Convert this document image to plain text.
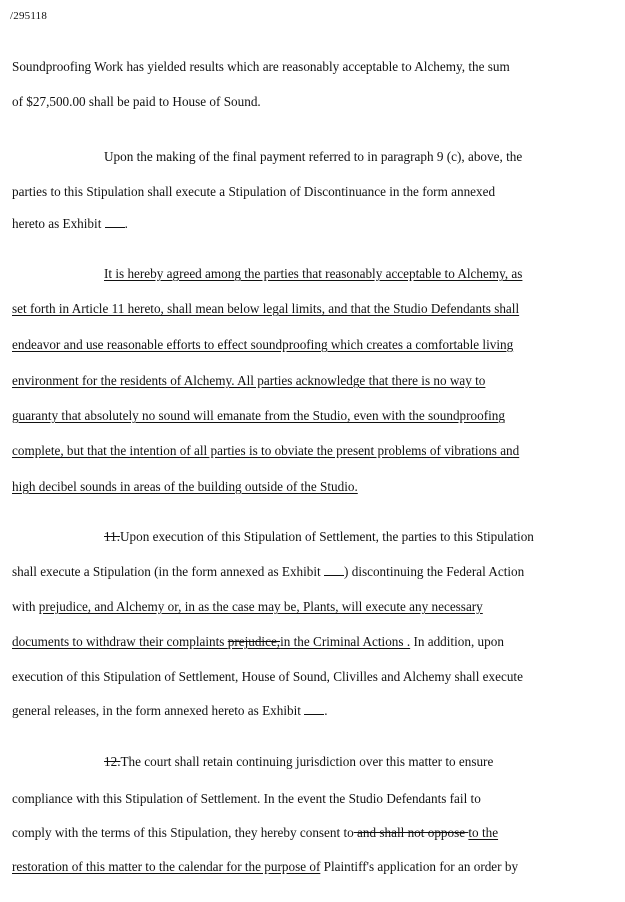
/295118
Soundproofing Work has yielded results which are reasonably acceptable to Alchemy, the sum
of $27,500.00 shall be paid to House of Sound.
Upon the making of the final payment referred to in paragraph 9 (c), above, the
parties to this Stipulation shall execute a Stipulation of Discontinuance in the form annexed
hereto as Exhibit .
It is hereby agreed among the parties that reasonably acceptable to Alchemy, as
set forth in Article 11 hereto, shall mean below legal limits, and that the Studio Defendants shall
endeavor and use reasonable efforts to effect soundproofing which creates a comfortable living
environment for the residents of Alchemy. All parties acknowledge that there is no way to
guaranty that absolutely no sound will emanate from the Studio, even with the soundproofing
complete, but that the intention of all parties is to obviate the present problems of vibrations and
high decibel sounds in areas of the building outside of the Studio.
11.Upon execution of this Stipulation of Settlement, the parties to this Stipulation
shall execute a Stipulation (in the form annexed as Exhibit ) discontinuing the Federal Action
with prejudice, and Alchemy or, in as the case may be, Plants, will execute any necessary
documents to withdraw their complaints prejudice,in the Criminal Actions . In addition, upon
execution of this Stipulation of Settlement, House of Sound, Clivilles and Alchemy shall execute
general releases, in the form annexed hereto as Exhibit .
12.The court shall retain continuing jurisdiction over this matter to ensure
compliance with this Stipulation of Settlement. In the event the Studio Defendants fail to
comply with the terms of this Stipulation, they hereby consent to and shall not oppose to the
restoration of this matter to the calendar for the purpose of Plaintiff's application for an order by
